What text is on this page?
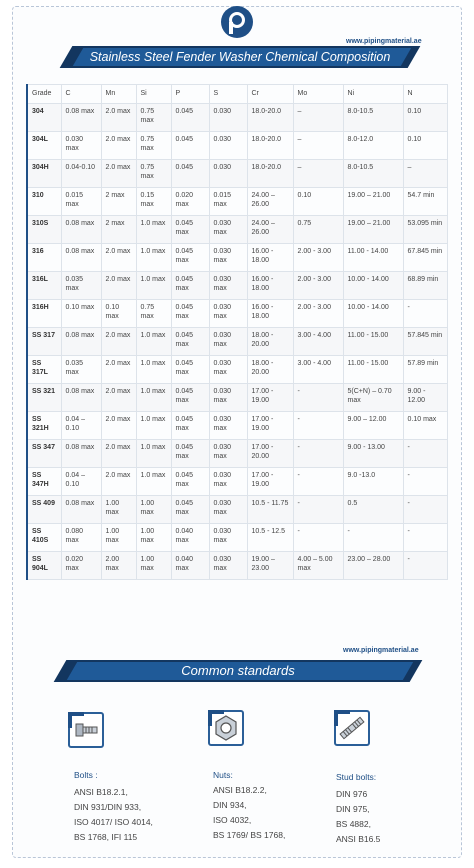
www.pipingmaterial.ae
Stainless Steel Fender Washer Chemical Composition
Grade	C	Mn	Si	P	S	Cr	Mo	Ni	N
304	0.08 max	2.0 max	0.75 max	0.045	0.030	18.0-20.0	–	8.0-10.5	0.10
304L	0.030 max	2.0 max	0.75 max	0.045	0.030	18.0-20.0	–	8.0-12.0	0.10
304H	0.04-0.10	2.0 max	0.75 max	0.045	0.030	18.0-20.0	–	8.0-10.5	–
310	0.015 max	2 max	0.15 max	0.020 max	0.015 max	24.00 – 26.00	0.10	19.00 – 21.00	54.7 min
310S	0.08 max	2 max	1.0 max	0.045 max	0.030 max	24.00 – 26.00	0.75	19.00 – 21.00	53.095 min
316	0.08 max	2.0 max	1.0 max	0.045 max	0.030 max	16.00 - 18.00	2.00 - 3.00	11.00 - 14.00	67.845 min
316L	0.035 max	2.0 max	1.0 max	0.045 max	0.030 max	16.00 - 18.00	2.00 - 3.00	10.00 - 14.00	68.89 min
316H	0.10 max	0.10 max	0.75 max	0.045 max	0.030 max	16.00 - 18.00	2.00 - 3.00	10.00 - 14.00	-
SS 317	0.08 max	2.0 max	1.0 max	0.045 max	0.030 max	18.00 - 20.00	3.00 - 4.00	11.00 - 15.00	57.845 min
SS 317L	0.035 max	2.0 max	1.0 max	0.045 max	0.030 max	18.00 - 20.00	3.00 - 4.00	11.00 - 15.00	57.89 min
SS 321	0.08 max	2.0 max	1.0 max	0.045 max	0.030 max	17.00 - 19.00	-	5(C+N) – 0.70 max	9.00 - 12.00
SS 321H	0.04 – 0.10	2.0 max	1.0 max	0.045 max	0.030 max	17.00 - 19.00	-	9.00 – 12.00	0.10 max
SS 347	0.08 max	2.0 max	1.0 max	0.045 max	0.030 max	17.00 - 20.00	-	9.00 - 13.00	-
SS 347H	0.04 – 0.10	2.0 max	1.0 max	0.045 max	0.030 max	17.00 - 19.00	-	9.0 -13.0	-
SS 409	0.08 max	1.00 max	1.00 max	0.045 max	0.030 max	10.5 - 11.75	-	0.5	-
SS 410S	0.080 max	1.00 max	1.00 max	0.040 max	0.030 max	10.5 - 12.5	-	-	-
SS 904L	0.020 max	2.00 max	1.00 max	0.040 max	0.030 max	19.00 – 23.00	4.00 – 5.00 max	23.00 – 28.00	-
www.pipingmaterial.ae
Common standards
Bolts :
ANSI B18.2.1,
DIN 931/DIN 933,
ISO 4017/ ISO 4014,
BS 1768, IFI 115
Nuts:
ANSI B18.2.2,
DIN 934,
ISO 4032,
BS 1769/ BS 1768,
Stud bolts:
DIN 976
DIN 975,
BS 4882,
ANSI B16.5
